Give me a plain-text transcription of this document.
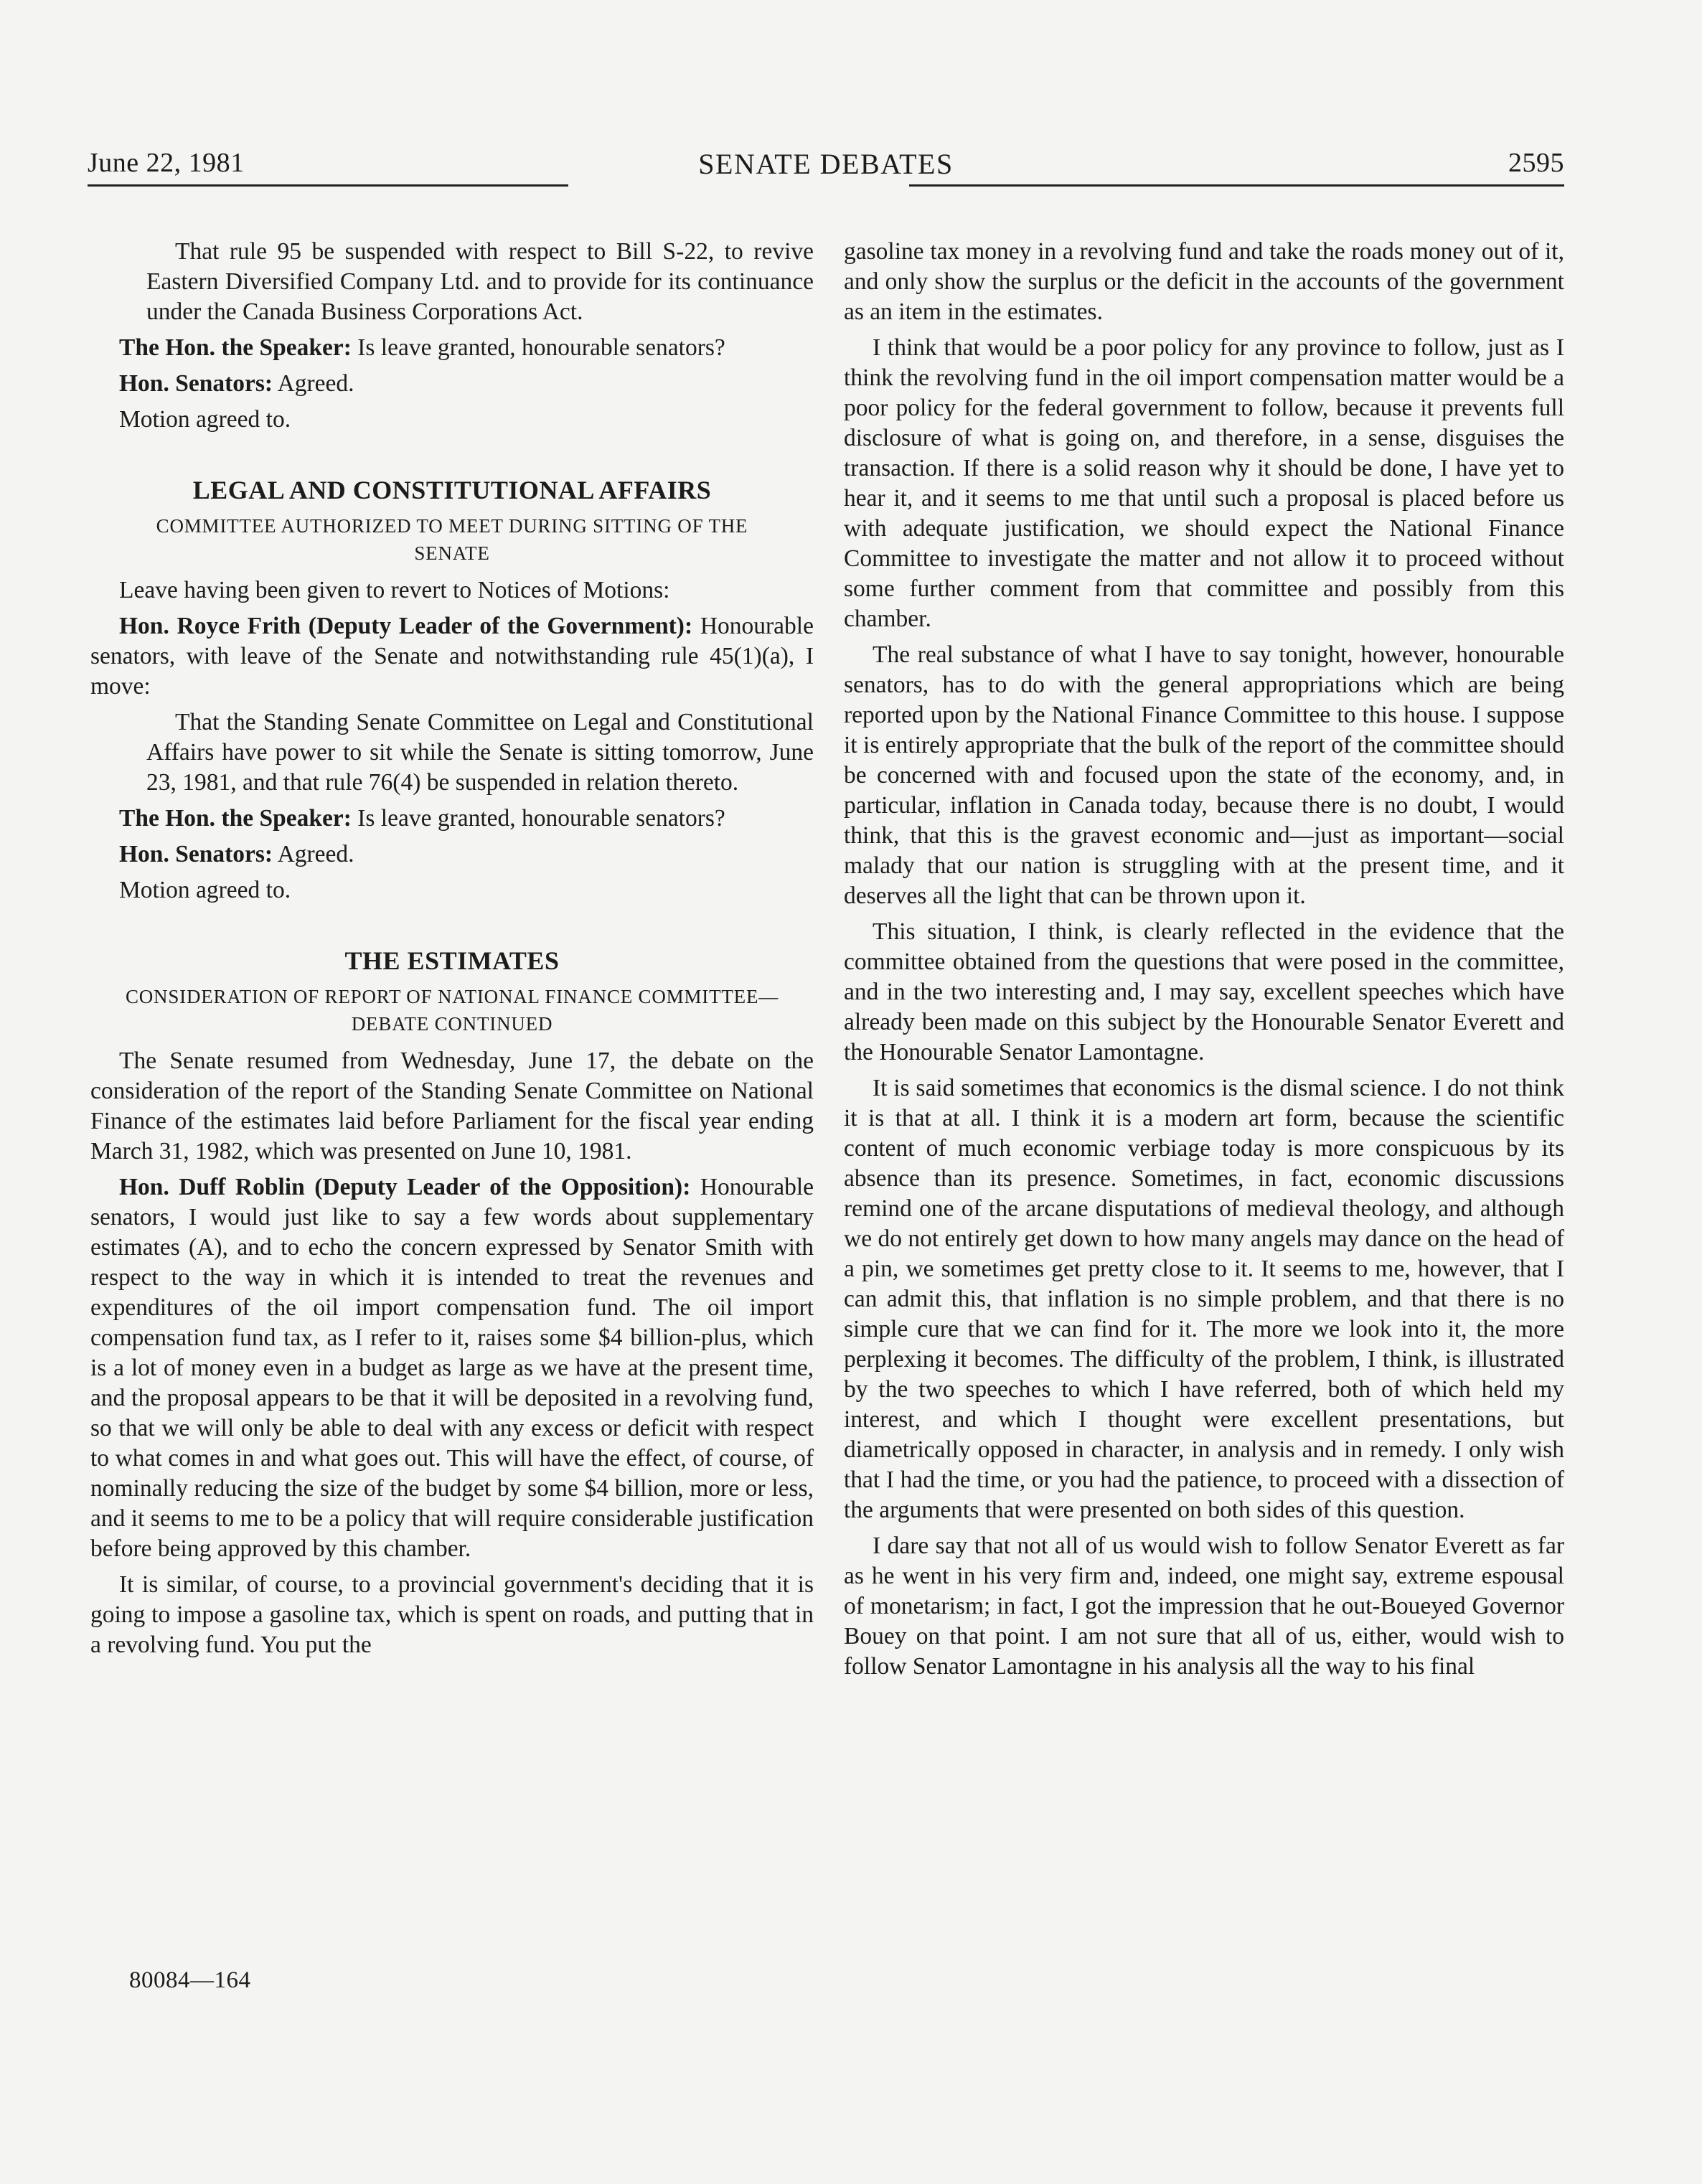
June 22, 1981	SENATE DEBATES	2595

That rule 95 be suspended with respect to Bill S-22, to revive Eastern Diversified Company Ltd. and to provide for its continuance under the Canada Business Corporations Act.

The Hon. the Speaker: Is leave granted, honourable senators?

Hon. Senators: Agreed.

Motion agreed to.

LEGAL AND CONSTITUTIONAL AFFAIRS
COMMITTEE AUTHORIZED TO MEET DURING SITTING OF THE SENATE

Leave having been given to revert to Notices of Motions:

Hon. Royce Frith (Deputy Leader of the Government): Honourable senators, with leave of the Senate and notwithstanding rule 45(1)(a), I move:

That the Standing Senate Committee on Legal and Constitutional Affairs have power to sit while the Senate is sitting tomorrow, June 23, 1981, and that rule 76(4) be suspended in relation thereto.

The Hon. the Speaker: Is leave granted, honourable senators?

Hon. Senators: Agreed.

Motion agreed to.

THE ESTIMATES
CONSIDERATION OF REPORT OF NATIONAL FINANCE COMMITTEE—DEBATE CONTINUED

The Senate resumed from Wednesday, June 17, the debate on the consideration of the report of the Standing Senate Committee on National Finance of the estimates laid before Parliament for the fiscal year ending March 31, 1982, which was presented on June 10, 1981.

Hon. Duff Roblin (Deputy Leader of the Opposition): Honourable senators, I would just like to say a few words about supplementary estimates (A), and to echo the concern expressed by Senator Smith with respect to the way in which it is intended to treat the revenues and expenditures of the oil import compensation fund. The oil import compensation fund tax, as I refer to it, raises some $4 billion-plus, which is a lot of money even in a budget as large as we have at the present time, and the proposal appears to be that it will be deposited in a revolving fund, so that we will only be able to deal with any excess or deficit with respect to what comes in and what goes out. This will have the effect, of course, of nominally reducing the size of the budget by some $4 billion, more or less, and it seems to me to be a policy that will require considerable justification before being approved by this chamber.

It is similar, of course, to a provincial government's deciding that it is going to impose a gasoline tax, which is spent on roads, and putting that in a revolving fund. You put the

gasoline tax money in a revolving fund and take the roads money out of it, and only show the surplus or the deficit in the accounts of the government as an item in the estimates.

I think that would be a poor policy for any province to follow, just as I think the revolving fund in the oil import compensation matter would be a poor policy for the federal government to follow, because it prevents full disclosure of what is going on, and therefore, in a sense, disguises the transaction. If there is a solid reason why it should be done, I have yet to hear it, and it seems to me that until such a proposal is placed before us with adequate justification, we should expect the National Finance Committee to investigate the matter and not allow it to proceed without some further comment from that committee and possibly from this chamber.

The real substance of what I have to say tonight, however, honourable senators, has to do with the general appropriations which are being reported upon by the National Finance Committee to this house. I suppose it is entirely appropriate that the bulk of the report of the committee should be concerned with and focused upon the state of the economy, and, in particular, inflation in Canada today, because there is no doubt, I would think, that this is the gravest economic and—just as important—social malady that our nation is struggling with at the present time, and it deserves all the light that can be thrown upon it.

This situation, I think, is clearly reflected in the evidence that the committee obtained from the questions that were posed in the committee, and in the two interesting and, I may say, excellent speeches which have already been made on this subject by the Honourable Senator Everett and the Honourable Senator Lamontagne.

It is said sometimes that economics is the dismal science. I do not think it is that at all. I think it is a modern art form, because the scientific content of much economic verbiage today is more conspicuous by its absence than its presence. Sometimes, in fact, economic discussions remind one of the arcane disputations of medieval theology, and although we do not entirely get down to how many angels may dance on the head of a pin, we sometimes get pretty close to it. It seems to me, however, that I can admit this, that inflation is no simple problem, and that there is no simple cure that we can find for it. The more we look into it, the more perplexing it becomes. The difficulty of the problem, I think, is illustrated by the two speeches to which I have referred, both of which held my interest, and which I thought were excellent presentations, but diametrically opposed in character, in analysis and in remedy. I only wish that I had the time, or you had the patience, to proceed with a dissection of the arguments that were presented on both sides of this question.

I dare say that not all of us would wish to follow Senator Everett as far as he went in his very firm and, indeed, one might say, extreme espousal of monetarism; in fact, I got the impression that he out-Boueyed Governor Bouey on that point. I am not sure that all of us, either, would wish to follow Senator Lamontagne in his analysis all the way to his final

80084—164
